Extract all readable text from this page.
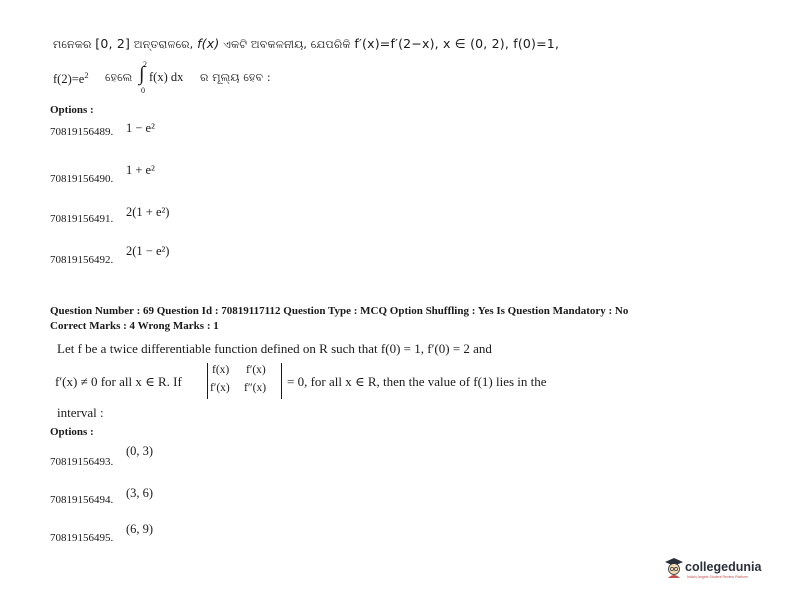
ମନେକର [0, 2] ଅନ୍ତରାଳରେ, f(x) ଏକଟି ଅବକଳନୀୟ, ଯେପରିକି f′(x)=f′(2−x), x ∈ (0, 2), f(0)=1,
$f(2)=e^2$ ହେଲେ
2
∫
0
f(x) dx ର ମୂଲ୍ୟ ହେବ :
Options :
70819156489. 1 − e²
70819156490.
1 + e²
70819156491. 2(1 + e²)
70819156492.
2(1 − e²)
Question Number : 69 Question Id : 70819117112 Question Type : MCQ Option Shuffling : Yes Is Question Mandatory : No
Correct Marks : 4 Wrong Marks : 1
Let f be a twice differentiable function defined on R such that f(0) = 1, f′(0) = 2 and
f′(x) ≠ 0 for all x ∈ R. If
f(x) f′(x)
f′(x) f″(x) = 0, for all x ∈ R, then the value of f(1) lies in the
interval :
Options :
70819156493.
(0, 3)
70819156494. (3, 6)
70819156495.
(6, 9)
collegedunia
India's largest Student Review Platform
